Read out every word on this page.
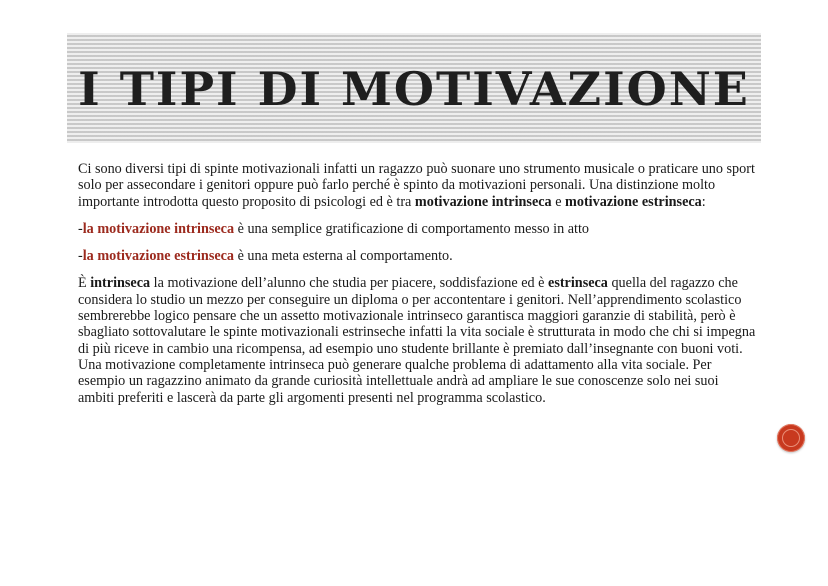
I TIPI DI MOTIVAZIONE

Ci sono diversi tipi di spinte motivazionali infatti un ragazzo può suonare uno strumento musicale o praticare uno sport solo per assecondare i genitori oppure può farlo perché è spinto da motivazioni personali. Una distinzione molto importante introdotta questo proposito di psicologi ed è tra motivazione intrinseca e motivazione estrinseca:

-la motivazione intrinseca è una semplice gratificazione di comportamento messo in atto

-la motivazione estrinseca è una meta esterna al comportamento.

È intrinseca la motivazione dell’alunno che studia per piacere, soddisfazione ed è estrinseca quella del ragazzo che considera lo studio un mezzo per conseguire un diploma o per accontentare i genitori. Nell’apprendimento scolastico sembrerebbe logico pensare che un assetto motivazionale intrinseco garantisca maggiori garanzie di stabilità, però è sbagliato sottovalutare le spinte motivazionali estrinseche infatti la vita sociale è strutturata in modo che chi si impegna di più riceve in cambio una ricompensa, ad esempio uno studente brillante è premiato dall’insegnante con buoni voti. Una motivazione completamente intrinseca può generare qualche problema di adattamento alla vita sociale. Per esempio un ragazzino animato da grande curiosità intellettuale andrà ad ampliare le sue conoscenze solo nei suoi ambiti preferiti e lascerà da parte gli argomenti presenti nel programma scolastico.
